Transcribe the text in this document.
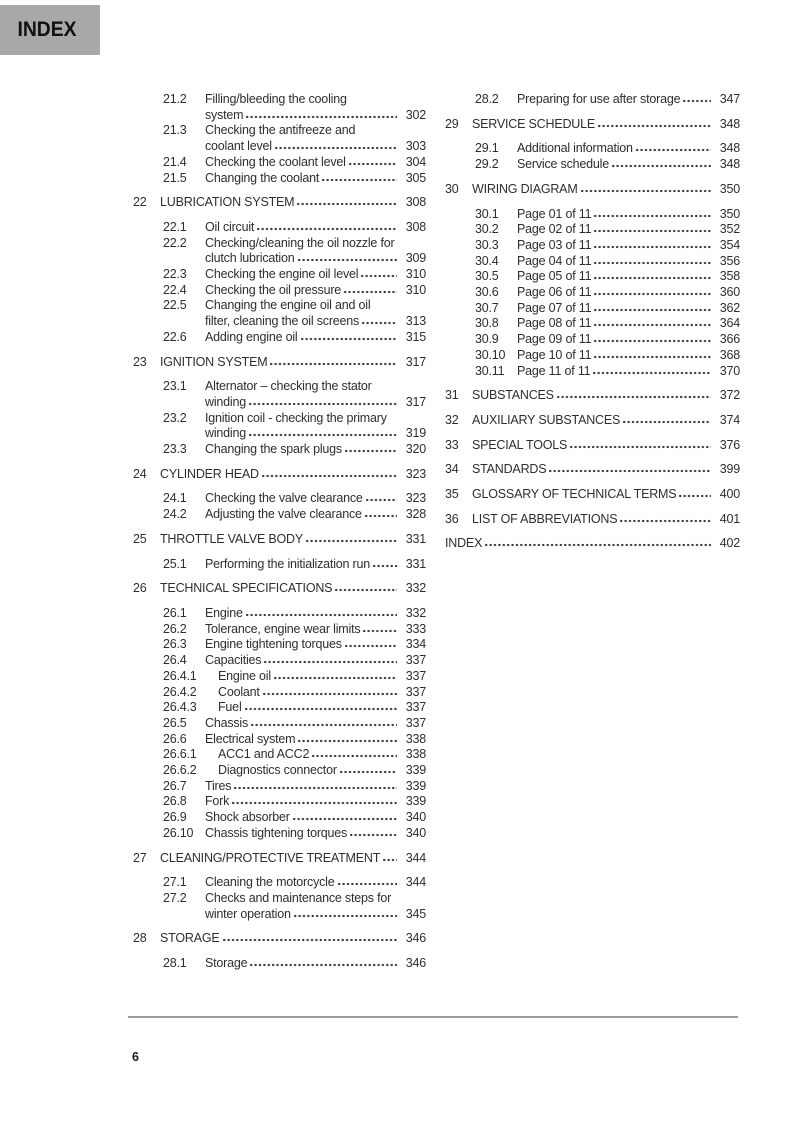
INDEX
21.2	Filling/bleeding the cooling
system	302
21.3	Checking the antifreeze and
coolant level	303
21.4	Checking the coolant level	304
21.5	Changing the coolant	305
22	LUBRICATION SYSTEM	308
22.1	Oil circuit	308
22.2	Checking/cleaning the oil nozzle for
clutch lubrication	309
22.3	Checking the engine oil level	310
22.4	Checking the oil pressure	310
22.5	Changing the engine oil and oil
filter, cleaning the oil screens	313
22.6	Adding engine oil	315
23	IGNITION SYSTEM	317
23.1	Alternator – checking the stator
winding	317
23.2	Ignition coil - checking the primary
winding	319
23.3	Changing the spark plugs	320
24	CYLINDER HEAD	323
24.1	Checking the valve clearance	323
24.2	Adjusting the valve clearance	328
25	THROTTLE VALVE BODY	331
25.1	Performing the initialization run	331
26	TECHNICAL SPECIFICATIONS	332
26.1	Engine	332
26.2	Tolerance, engine wear limits	333
26.3	Engine tightening torques	334
26.4	Capacities	337
26.4.1	Engine oil	337
26.4.2	Coolant	337
26.4.3	Fuel	337
26.5	Chassis	337
26.6	Electrical system	338
26.6.1	ACC1 and ACC2	338
26.6.2	Diagnostics connector	339
26.7	Tires	339
26.8	Fork	339
26.9	Shock absorber	340
26.10 Chassis tightening torques	340
27	CLEANING/PROTECTIVE TREATMENT	344
27.1	Cleaning the motorcycle	344
27.2	Checks and maintenance steps for
winter operation	345
28	STORAGE	346
28.1	Storage	346
28.2	Preparing for use after storage	347
29	SERVICE SCHEDULE	348
29.1	Additional information	348
29.2	Service schedule	348
30	WIRING DIAGRAM	350
30.1	Page 01 of 11	350
30.2	Page 02 of 11	352
30.3	Page 03 of 11	354
30.4	Page 04 of 11	356
30.5	Page 05 of 11	358
30.6	Page 06 of 11	360
30.7	Page 07 of 11	362
30.8	Page 08 of 11	364
30.9	Page 09 of 11	366
30.10 Page 10 of 11	368
30.11	Page 11 of 11	370
31	SUBSTANCES	372
32	AUXILIARY SUBSTANCES	374
33	SPECIAL TOOLS	376
34	STANDARDS	399
35	GLOSSARY OF TECHNICAL TERMS	400
36	LIST OF ABBREVIATIONS	401
INDEX	402
6
